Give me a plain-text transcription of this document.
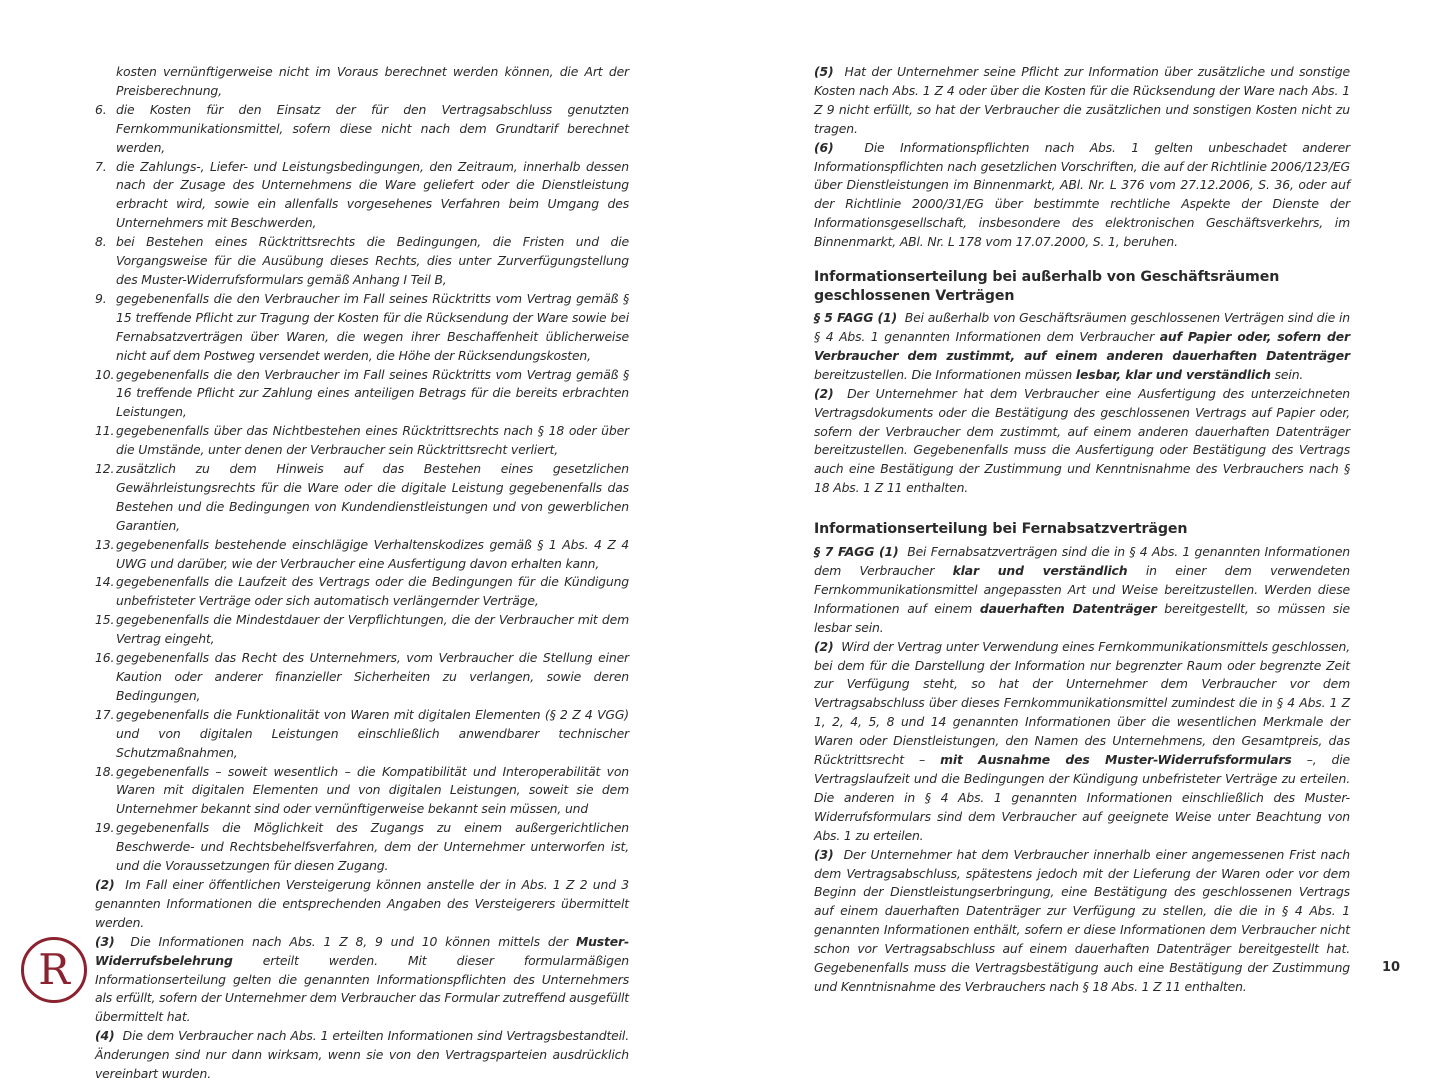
kosten vernünftigerweise nicht im Voraus berechnet werden können, die Art der Preisberechnung,

6. die Kosten für den Einsatz der für den Vertragsabschluss genutzten Fernkommunikationsmittel, sofern diese nicht nach dem Grundtarif berechnet werden,
7. die Zahlungs-, Liefer- und Leistungsbedingungen, den Zeitraum, innerhalb dessen nach der Zusage des Unternehmens die Ware geliefert oder die Dienstleistung erbracht wird, sowie ein allenfalls vorgesehenes Verfahren beim Umgang des Unternehmers mit Beschwerden,
8. bei Bestehen eines Rücktrittsrechts die Bedingungen, die Fristen und die Vorgangsweise für die Ausübung dieses Rechts, dies unter Zurverfügungstellung des Muster-Widerrufsformulars gemäß Anhang I Teil B,
9. gegebenenfalls die den Verbraucher im Fall seines Rücktritts vom Vertrag gemäß § 15 treffende Pflicht zur Tragung der Kosten für die Rücksendung der Ware sowie bei Fernabsatzverträgen über Waren, die wegen ihrer Beschaffenheit üblicherweise nicht auf dem Postweg versendet werden, die Höhe der Rücksendungskosten,
10. gegebenenfalls die den Verbraucher im Fall seines Rücktritts vom Vertrag gemäß § 16 treffende Pflicht zur Zahlung eines anteiligen Betrags für die bereits erbrachten Leistungen,
11. gegebenenfalls über das Nichtbestehen eines Rücktrittsrechts nach § 18 oder über die Umstände, unter denen der Verbraucher sein Rücktrittsrecht verliert,
12. zusätzlich zu dem Hinweis auf das Bestehen eines gesetzlichen Gewährleistungsrechts für die Ware oder die digitale Leistung gegebenenfalls das Bestehen und die Bedingungen von Kundendienstleistungen und von gewerblichen Garantien,
13. gegebenenfalls bestehende einschlägige Verhaltenskodizes gemäß § 1 Abs. 4 Z 4 UWG und darüber, wie der Verbraucher eine Ausfertigung davon erhalten kann,
14. gegebenenfalls die Laufzeit des Vertrags oder die Bedingungen für die Kündigung unbefristeter Verträge oder sich automatisch verlängernder Verträge,
15. gegebenenfalls die Mindestdauer der Verpflichtungen, die der Verbraucher mit dem Vertrag eingeht,
16. gegebenenfalls das Recht des Unternehmers, vom Verbraucher die Stellung einer Kaution oder anderer finanzieller Sicherheiten zu verlangen, sowie deren Bedingungen,
17. gegebenenfalls die Funktionalität von Waren mit digitalen Elementen (§ 2 Z 4 VGG) und von digitalen Leistungen einschließlich anwendbarer technischer Schutzmaßnahmen,
18. gegebenenfalls – soweit wesentlich – die Kompatibilität und Interoperabilität von Waren mit digitalen Elementen und von digitalen Leistungen, soweit sie dem Unternehmer bekannt sind oder vernünftigerweise bekannt sein müssen, und
19. gegebenenfalls die Möglichkeit des Zugangs zu einem außergerichtlichen Beschwerde- und Rechtsbehelfsverfahren, dem der Unternehmer unterworfen ist, und die Voraussetzungen für diesen Zugang.

(2) Im Fall einer öffentlichen Versteigerung können anstelle der in Abs. 1 Z 2 und 3 genannten Informationen die entsprechenden Angaben des Versteigerers übermittelt werden.

(3) Die Informationen nach Abs. 1 Z 8, 9 und 10 können mittels der Muster-Widerrufsbelehrung erteilt werden. Mit dieser formularmäßigen Informationserteilung gelten die genannten Informationspflichten des Unternehmers als erfüllt, sofern der Unternehmer dem Verbraucher das Formular zutreffend ausgefüllt übermittelt hat.

(4) Die dem Verbraucher nach Abs. 1 erteilten Informationen sind Vertragsbestandteil. Änderungen sind nur dann wirksam, wenn sie von den Vertragsparteien ausdrücklich vereinbart wurden.

(5) Hat der Unternehmer seine Pflicht zur Information über zusätzliche und sonstige Kosten nach Abs. 1 Z 4 oder über die Kosten für die Rücksendung der Ware nach Abs. 1 Z 9 nicht erfüllt, so hat der Verbraucher die zusätzlichen und sonstigen Kosten nicht zu tragen.

(6) Die Informationspflichten nach Abs. 1 gelten unbeschadet anderer Informationspflichten nach gesetzlichen Vorschriften, die auf der Richtlinie 2006/123/EG über Dienstleistungen im Binnenmarkt, ABl. Nr. L 376 vom 27.12.2006, S. 36, oder auf der Richtlinie 2000/31/EG über bestimmte rechtliche Aspekte der Dienste der Informationsgesellschaft, insbesondere des elektronischen Geschäftsverkehrs, im Binnenmarkt, ABl. Nr. L 178 vom 17.07.2000, S. 1, beruhen.

Informationserteilung bei außerhalb von Geschäftsräumen geschlossenen Verträgen

§ 5 FAGG (1) Bei außerhalb von Geschäftsräumen geschlossenen Verträgen sind die in § 4 Abs. 1 genannten Informationen dem Verbraucher auf Papier oder, sofern der Verbraucher dem zustimmt, auf einem anderen dauerhaften Datenträger bereitzustellen. Die Informationen müssen lesbar, klar und verständlich sein.

(2) Der Unternehmer hat dem Verbraucher eine Ausfertigung des unterzeichneten Vertragsdokuments oder die Bestätigung des geschlossenen Vertrags auf Papier oder, sofern der Verbraucher dem zustimmt, auf einem anderen dauerhaften Datenträger bereitzustellen. Gegebenenfalls muss die Ausfertigung oder Bestätigung des Vertrags auch eine Bestätigung der Zustimmung und Kenntnisnahme des Verbrauchers nach § 18 Abs. 1 Z 11 enthalten.

Informationserteilung bei Fernabsatzverträgen

§ 7 FAGG (1) Bei Fernabsatzverträgen sind die in § 4 Abs. 1 genannten Informationen dem Verbraucher klar und verständlich in einer dem verwendeten Fernkommunikationsmittel angepassten Art und Weise bereitzustellen. Werden diese Informationen auf einem dauerhaften Datenträger bereitgestellt, so müssen sie lesbar sein.

(2) Wird der Vertrag unter Verwendung eines Fernkommunikationsmittels geschlossen, bei dem für die Darstellung der Information nur begrenzter Raum oder begrenzte Zeit zur Verfügung steht, so hat der Unternehmer dem Verbraucher vor dem Vertragsabschluss über dieses Fernkommunikationsmittel zumindest die in § 4 Abs. 1 Z 1, 2, 4, 5, 8 und 14 genannten Informationen über die wesentlichen Merkmale der Waren oder Dienstleistungen, den Namen des Unternehmens, den Gesamtpreis, das Rücktrittsrecht – mit Ausnahme des Muster-Widerrufsformulars –, die Vertragslaufzeit und die Bedingungen der Kündigung unbefristeter Verträge zu erteilen. Die anderen in § 4 Abs. 1 genannten Informationen einschließlich des Muster-Widerrufsformulars sind dem Verbraucher auf geeignete Weise unter Beachtung von Abs. 1 zu erteilen.

(3) Der Unternehmer hat dem Verbraucher innerhalb einer angemessenen Frist nach dem Vertragsabschluss, spätestens jedoch mit der Lieferung der Waren oder vor dem Beginn der Dienstleistungserbringung, eine Bestätigung des geschlossenen Vertrags auf einem dauerhaften Datenträger zur Verfügung zu stellen, die die in § 4 Abs. 1 genannten Informationen enthält, sofern er diese Informationen dem Verbraucher nicht schon vor Vertragsabschluss auf einem dauerhaften Datenträger bereitgestellt hat. Gegebenenfalls muss die Vertragsbestätigung auch eine Bestätigung der Zustimmung und Kenntnisnahme des Verbrauchers nach § 18 Abs. 1 Z 11 enthalten.

R	10
